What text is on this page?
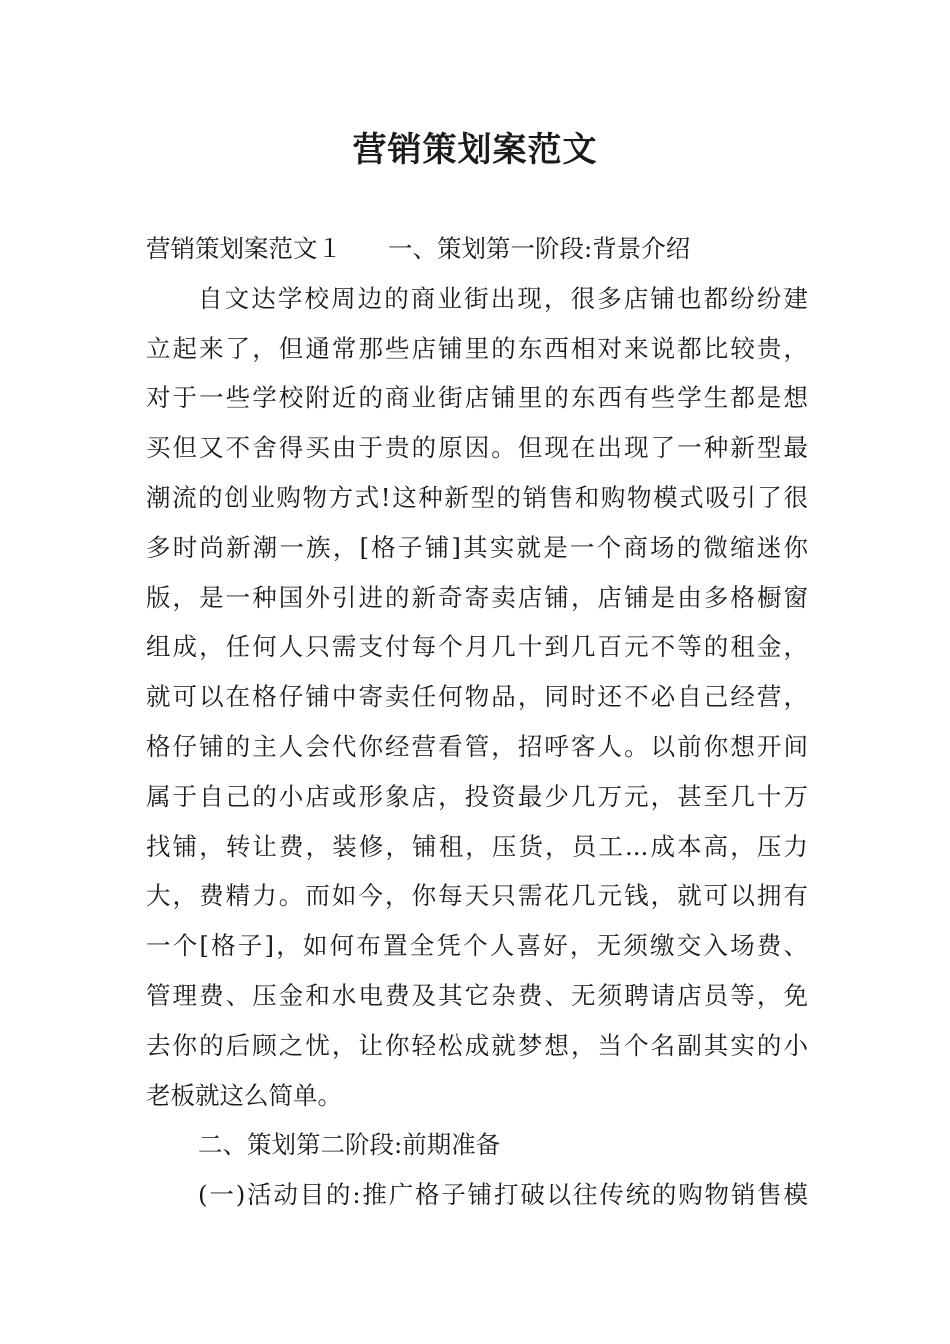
营销策划案范文
营销策划案范文１ 一、策划第一阶段:背景介绍
自文达学校周边的商业街出现，很多店铺也都纷纷建
立起来了，但通常那些店铺里的东西相对来说都比较贵，
对于一些学校附近的商业街店铺里的东西有些学生都是想
买但又不舍得买由于贵的原因。但现在出现了一种新型最
潮流的创业购物方式!这种新型的销售和购物模式吸引了很
多时尚新潮一族，[格子铺]其实就是一个商场的微缩迷你
版，是一种国外引进的新奇寄卖店铺，店铺是由多格橱窗
组成，任何人只需支付每个月几十到几百元不等的租金，
就可以在格仔铺中寄卖任何物品，同时还不必自己经营，
格仔铺的主人会代你经营看管，招呼客人。以前你想开间
属于自己的小店或形象店，投资最少几万元，甚至几十万
找铺，转让费，装修，铺租，压货，员工...成本高，压力
大，费精力。而如今，你每天只需花几元钱，就可以拥有
一个[格子]，如何布置全凭个人喜好，无须缴交入场费、
管理费、压金和水电费及其它杂费、无须聘请店员等，免
去你的后顾之忧，让你轻松成就梦想，当个名副其实的小
老板就这么简单。
二、策划第二阶段:前期准备
(一)活动目的:推广格子铺打破以往传统的购物销售模
